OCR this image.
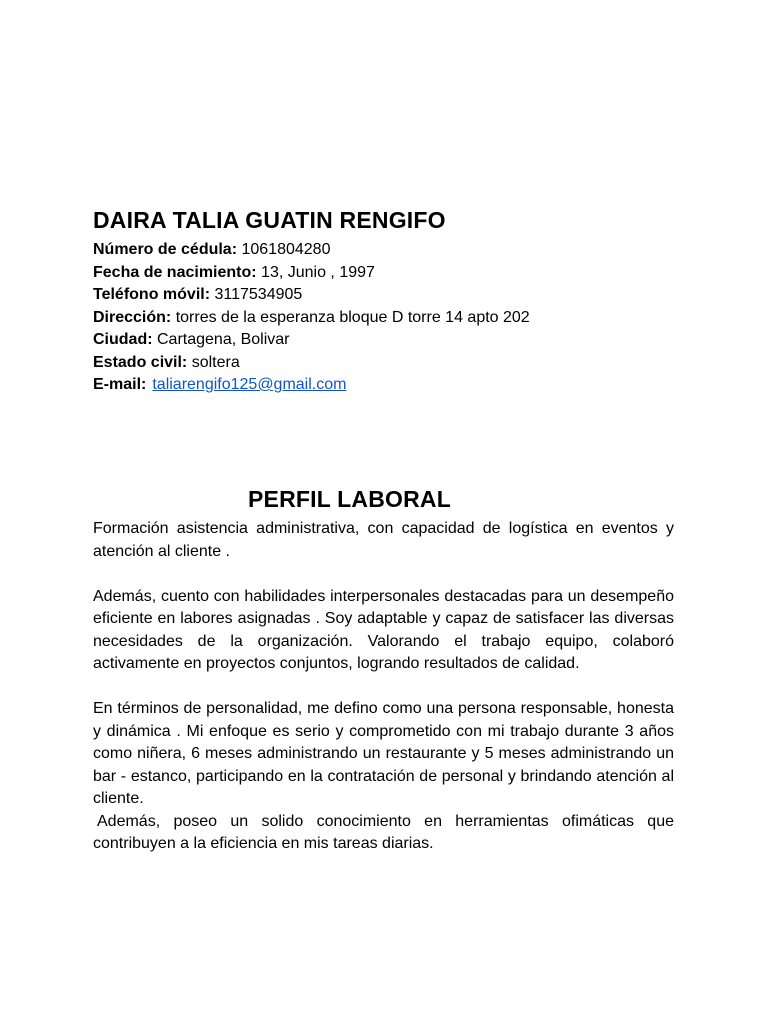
DAIRA TALIA GUATIN RENGIFO
Número de cédula: 1061804280
Fecha de nacimiento: 13, Junio , 1997
Teléfono móvil: 3117534905
Dirección: torres de la esperanza bloque D torre 14 apto 202
Ciudad: Cartagena, Bolivar
Estado civil: soltera
E-mail: taliarengifo125@gmail.com
PERFIL LABORAL

Formación asistencia administrativa, con capacidad de logística en eventos y atención al cliente .

Además, cuento con habilidades interpersonales destacadas para un desempeño eficiente en labores asignadas . Soy adaptable y capaz de satisfacer las diversas necesidades de la organización. Valorando el trabajo equipo, colaboró activamente en proyectos conjuntos, logrando resultados de calidad.

En términos de personalidad, me defino como una persona responsable, honesta y dinámica . Mi enfoque es serio y comprometido con mi trabajo durante 3 años como niñera, 6 meses administrando un restaurante y 5 meses administrando un bar - estanco, participando en la contratación de personal y brindando atención al cliente.

Además, poseo un solido conocimiento en herramientas ofimáticas que contribuyen a la eficiencia en mis tareas diarias.
